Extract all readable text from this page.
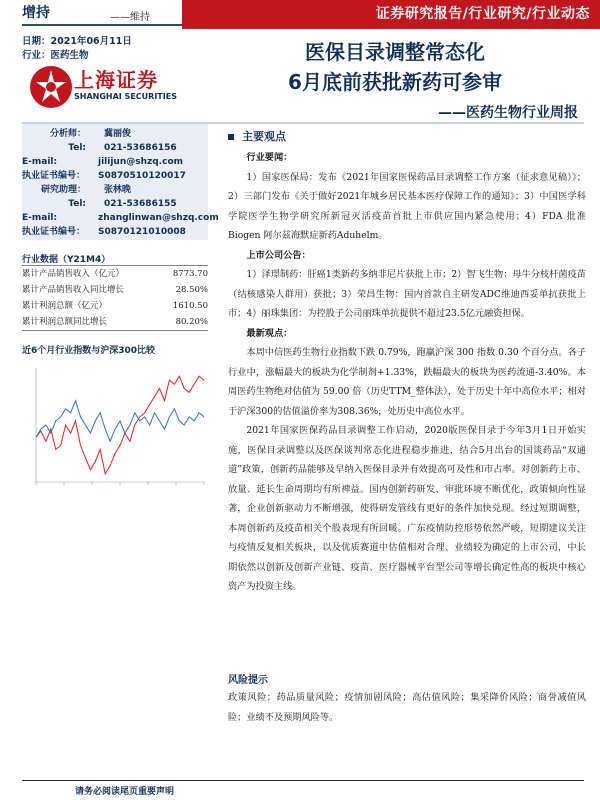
增持	——维持	证券研究报告/行业研究/行业动态
日期：2021年06月11日
行业：医药生物
上海证券
SHANGHAI SECURITIES
医保目录调整常态化
6月底前获批新药可参审
——医药生物行业周报
分析师： 冀丽俊
Tel: 021-53686156
E-mail:	jilijun@shzq.com
执业证书编号： S0870510120017
研究助理： 张林晚
Tel: 021-53686155
E-mail:	zhanglinwan@shzq.com
执业证书编号： S0870121010008
行业数据（Y21M4）
累计产品销售收入（亿元）	8773.70
累计产品销售收入同比增长	28.50%
累计利润总额（亿元）	1610.50
累计利润总额同比增长	80.20%
近6个月行业指数与沪深300比较
主要观点

行业要闻：

1）国家医保局：发布《2021年国家医保药品目录调整工作方案（征求意见稿）》；2）三部门发布《关于做好2021年城乡居民基本医疗保障工作的通知》；3）中国医学科学院医学生物学研究所新冠灭活疫苗首批上市供应国内紧急使用；4）FDA 批准 Biogen 阿尔兹海默症新药Aduhelm。

上市公司公告：

1）泽璟制药：肝癌1类新药多纳非尼片获批上市；2）智飞生物：母牛分枝杆菌疫苗（结核感染人群用）获批；3）荣昌生物：国内首款自主研发ADC维迪西妥单抗获批上市；4）丽珠集团：为控股子公司丽珠单抗提供不超过23.5亿元融资担保。

最新观点：

本周中信医药生物行业指数下跌 0.79%，跑赢沪深 300 指数 0.30 个百分点。各子行业中，涨幅最大的板块为化学制剂+1.33%，跌幅最大的板块为医药流通-3.40%。本周医药生物绝对估值为 59.00 倍（历史TTM_整体法），处于历史十年中高位水平；相对于沪深300的估值溢价率为308.36%，处历史中高位水平。

2021年国家医保药品目录调整工作启动，2020版医保目录于今年3月1日开始实施，医保目录调整以及医保谈判常态化进程稳步推进，结合5月出台的国谈药品“双通道”政策，创新药品能够及早纳入医保目录并有效提高可及性和市占率。对创新药上市、放量、延长生命周期均有所裨益。国内创新药研发、审批环境不断优化，政策倾向性显著，企业创新驱动力不断增强，使得研发管线有更好的条件加快兑现。经过短期调整，本周创新药及疫苗相关个股表现有所回暖。广东疫情防控形势依然严峻，短期建议关注与疫情反复相关板块，以及优质赛道中估值相对合理、业绩较为确定的上市公司，中长期依然以创新及创新产业链、疫苗、医疗器械平台型公司等增长确定性高的板块中核心资产为投资主线。

风险提示
政策风险；药品质量风险；疫情加剧风险；高估值风险；集采降价风险；商誉减值风险；业绩不及预期风险等。
请务必阅读尾页重要声明
